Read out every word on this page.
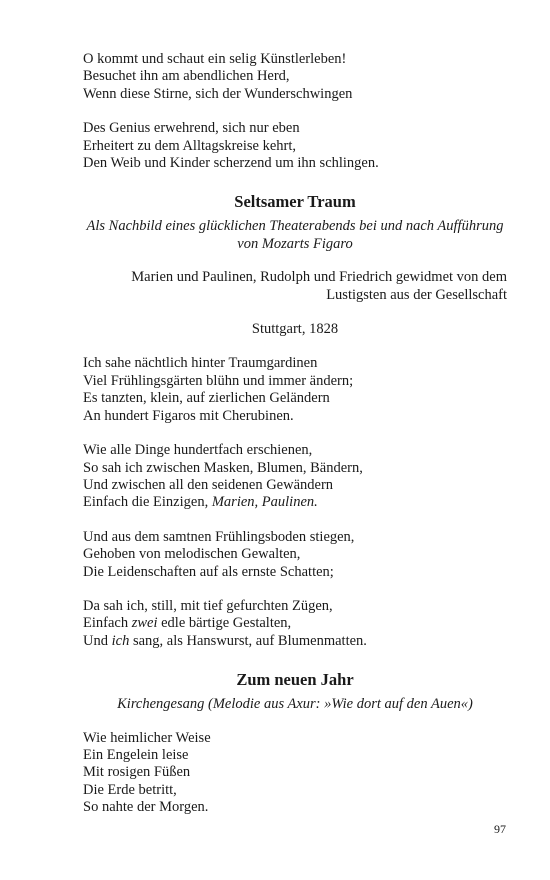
O kommt und schaut ein selig Künstlerleben!
Besuchet ihn am abendlichen Herd,
Wenn diese Stirne, sich der Wunderschwingen
Des Genius erwehrend, sich nur eben
Erheitert zu dem Alltagskreise kehrt,
Den Weib und Kinder scherzend um ihn schlingen.
Seltsamer Traum
Als Nachbild eines glücklichen Theaterabends bei und nach Aufführung
von Mozarts Figaro
Marien und Paulinen, Rudolph und Friedrich gewidmet von dem
Lustigsten aus der Gesellschaft
Stuttgart, 1828
Ich sahe nächtlich hinter Traumgardinen
Viel Frühlingsgärten blühn und immer ändern;
Es tanzten, klein, auf zierlichen Geländern
An hundert Figaros mit Cherubinen.
Wie alle Dinge hundertfach erschienen,
So sah ich zwischen Masken, Blumen, Bändern,
Und zwischen all den seidenen Gewändern
Einfach die Einzigen, Marien, Paulinen.
Und aus dem samtnen Frühlingsboden stiegen,
Gehoben von melodischen Gewalten,
Die Leidenschaften auf als ernste Schatten;
Da sah ich, still, mit tief gefurchten Zügen,
Einfach zwei edle bärtige Gestalten,
Und ich sang, als Hanswurst, auf Blumenmatten.
Zum neuen Jahr
Kirchengesang (Melodie aus Axur: »Wie dort auf den Auen«)
Wie heimlicher Weise
Ein Engelein leise
Mit rosigen Füßen
Die Erde betritt,
So nahte der Morgen.
97
